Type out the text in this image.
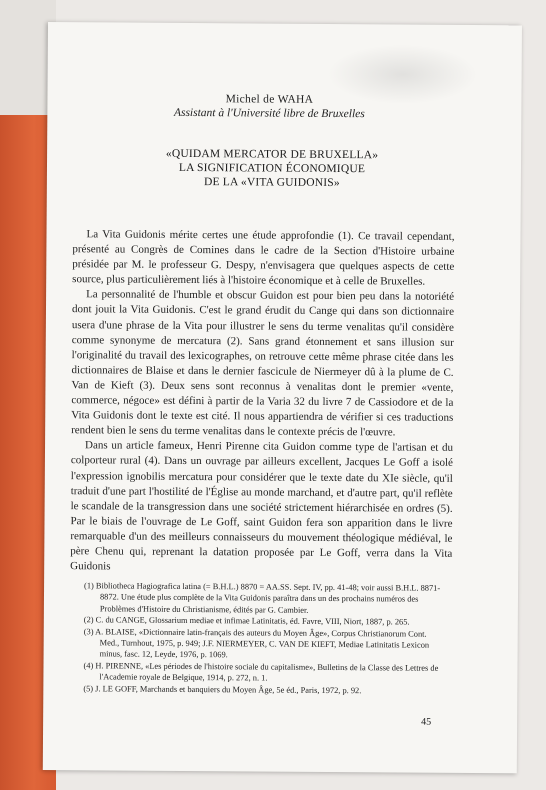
Michel de WAHA
Assistant à l'Université libre de Bruxelles
«QUIDAM MERCATOR DE BRUXELLA»
LA SIGNIFICATION ÉCONOMIQUE
DE LA «VITA GUIDONIS»

La Vita Guidonis mérite certes une étude approfondie (1). Ce travail cependant, présenté au Congrès de Comines dans le cadre de la Section d'Histoire urbaine présidée par M. le professeur G. Despy, n'envisagera que quelques aspects de cette source, plus particulièrement liés à l'histoire économique et à celle de Bruxelles.

La personnalité de l'humble et obscur Guidon est pour bien peu dans la notoriété dont jouit la Vita Guidonis. C'est le grand érudit du Cange qui dans son dictionnaire usera d'une phrase de la Vita pour illustrer le sens du terme venalitas qu'il considère comme synonyme de mercatura (2). Sans grand étonnement et sans illusion sur l'originalité du travail des lexicographes, on retrouve cette même phrase citée dans les dictionnaires de Blaise et dans le dernier fascicule de Niermeyer dû à la plume de C. Van de Kieft (3). Deux sens sont reconnus à venalitas dont le premier «vente, commerce, négoce» est défini à partir de la Varia 32 du livre 7 de Cassiodore et de la Vita Guidonis dont le texte est cité. Il nous appartiendra de vérifier si ces traductions rendent bien le sens du terme venalitas dans le contexte précis de l'œuvre.

Dans un article fameux, Henri Pirenne cita Guidon comme type de l'artisan et du colporteur rural (4). Dans un ouvrage par ailleurs excellent, Jacques Le Goff a isolé l'expression ignobilis mercatura pour considérer que le texte date du XIe siècle, qu'il traduit d'une part l'hostilité de l'Église au monde marchand, et d'autre part, qu'il reflète le scandale de la transgression dans une société strictement hiérarchisée en ordres (5). Par le biais de l'ouvrage de Le Goff, saint Guidon fera son apparition dans le livre remarquable d'un des meilleurs connaisseurs du mouvement théologique médiéval, le père Chenu qui, reprenant la datation proposée par Le Goff, verra dans la Vita Guidonis

(1) Bibliotheca Hagiografica latina (= B.H.L.) 8870 = AA.SS. Sept. IV, pp. 41-48; voir aussi B.H.L. 8871-8872. Une étude plus complète de la Vita Guidonis paraîtra dans un des prochains numéros des Problèmes d'Histoire du Christianisme, édités par G. Cambier.
(2) C. du CANGE, Glossarium mediae et infimae Latinitatis, éd. Favre, VIII, Niort, 1887, p. 265.
(3) A. BLAISE, «Dictionnaire latin-français des auteurs du Moyen Âge», Corpus Christianorum Cont. Med., Turnhout, 1975, p. 949; J.F. NIERMEYER, C. VAN DE KIEFT, Mediae Latinitatis Lexicon minus, fasc. 12, Leyde, 1976, p. 1069.
(4) H. PIRENNE, «Les périodes de l'histoire sociale du capitalisme», Bulletins de la Classe des Lettres de l'Academie royale de Belgique, 1914, p. 272, n. 1.
(5) J. LE GOFF, Marchands et banquiers du Moyen Âge, 5e éd., Paris, 1972, p. 92.
45
